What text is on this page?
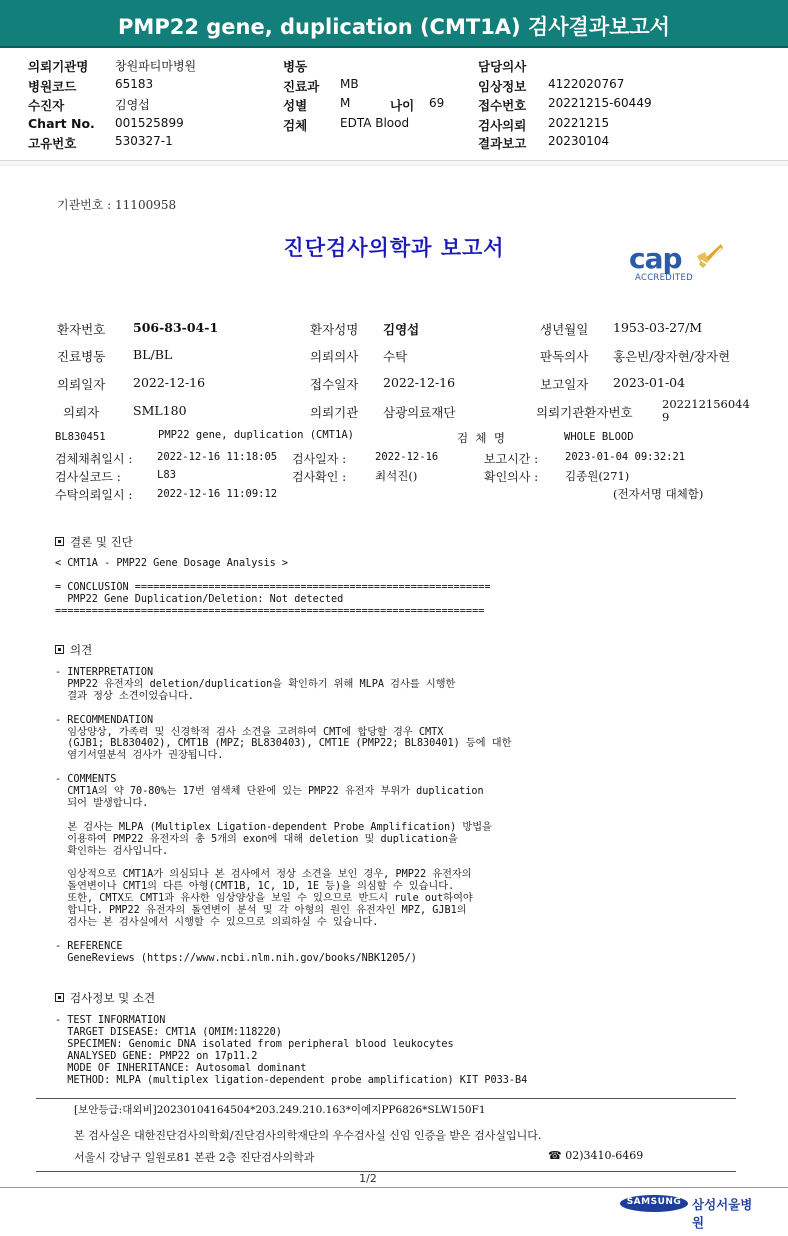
PMP22 gene, duplication (CMT1A) 검사결과보고서
의뢰기관명 창원파티마병원
병원코드	65183
수진자	김영섭
Chart No. 001525899
고유번호	530327-1
병동
진료과 MB
성별	M	나이 69
검체	EDTA Blood
담당의사
임상정보 4122020767
접수번호 20221215-60449
검사의뢰 20221215
결과보고 20230104
기관번호 : 11100958
진단검사의학과 보고서	cap
ACCREDITED
환자번호 506-83-04-1	환자성명 김영섭	생년월일 1953-03-27/M
진료병동 BL/BL	의뢰의사 수탁	판독의사 홍은빈/장자현/장자현
의뢰일자 2022-12-16	접수일자 2022-12-16	보고일자 2023-01-04
의뢰자	SML180	의뢰기관 삼광의료재단	의뢰기관환자번호
202212156044
9
BL830451	PMP22 gene, duplication (CMT1A)	검  체  명	WHOLE BLOOD
검체채취일시 : 2022-12-16 11:18:05 검사일자 :	2022-12-16	보고시간 :	2023-01-04 09:32:21
검사실코드 :	L83	검사확인 :	최석진()	확인의사 : 김종원(271)
수탁의뢰일시 : 2022-12-16 11:09:12	(전자서명 대체함)
결론 및 진단
< CMT1A - PMP22 Gene Dosage Analysis >

= CONCLUSION ==========================================================
PMP22 Gene Duplication/Deletion: Not detected
======================================================================
의견
- INTERPRETATION
PMP22 유전자의 deletion/duplication을 확인하기 위해 MLPA 검사를 시행한
결과 정상 소견이었습니다.

- RECOMMENDATION
임상양상, 가족력 및 신경학적 검사 소견을 고려하여 CMT에 합당할 경우 CMTX
(GJB1; BL830402), CMT1B (MPZ; BL830403), CMT1E (PMP22; BL830401) 등에 대한
염기서열분석 검사가 권장됩니다.

- COMMENTS
CMT1A의 약 70-80%는 17번 염색체 단완에 있는 PMP22 유전자 부위가 duplication
되어 발생합니다.

본 검사는 MLPA (Multiplex Ligation-dependent Probe Amplification) 방법을
이용하여 PMP22 유전자의 총 5개의 exon에 대해 deletion 및 duplication을
확인하는 검사입니다.

임상적으로 CMT1A가 의심되나 본 검사에서 정상 소견을 보인 경우, PMP22 유전자의
돌연변이나 CMT1의 다른 아형(CMT1B, 1C, 1D, 1E 등)을 의심할 수 있습니다.
또한, CMTX도 CMT1과 유사한 임상양상을 보일 수 있으므로 반드시 rule out하여야
합니다. PMP22 유전자의 돌연변이 분석 및 각 아형의 원인 유전자인 MPZ, GJB1의
검사는 본 검사실에서 시행할 수 있으므로 의뢰하실 수 있습니다.

- REFERENCE
GeneReviews (https://www.ncbi.nlm.nih.gov/books/NBK1205/)
검사정보 및 소견
- TEST INFORMATION
TARGET DISEASE: CMT1A (OMIM:118220)
SPECIMEN: Genomic DNA isolated from peripheral blood leukocytes
ANALYSED GENE: PMP22 on 17p11.2
MODE OF INHERITANCE: Autosomal dominant
METHOD: MLPA (multiplex ligation-dependent probe amplification) KIT P033-B4
[보안등급:대외비]20230104164504*203.249.210.163*이예지PP6826*SLW150F1
본 검사실은 대한진단검사의학회/진단검사의학재단의 우수검사실 신임 인증을 받은 검사실입니다.
서울시 강남구 일원로81 본관 2층 진단검사의학과	☎ 02)3410-6469
1/2
SAMSUNG 삼성서울병원
